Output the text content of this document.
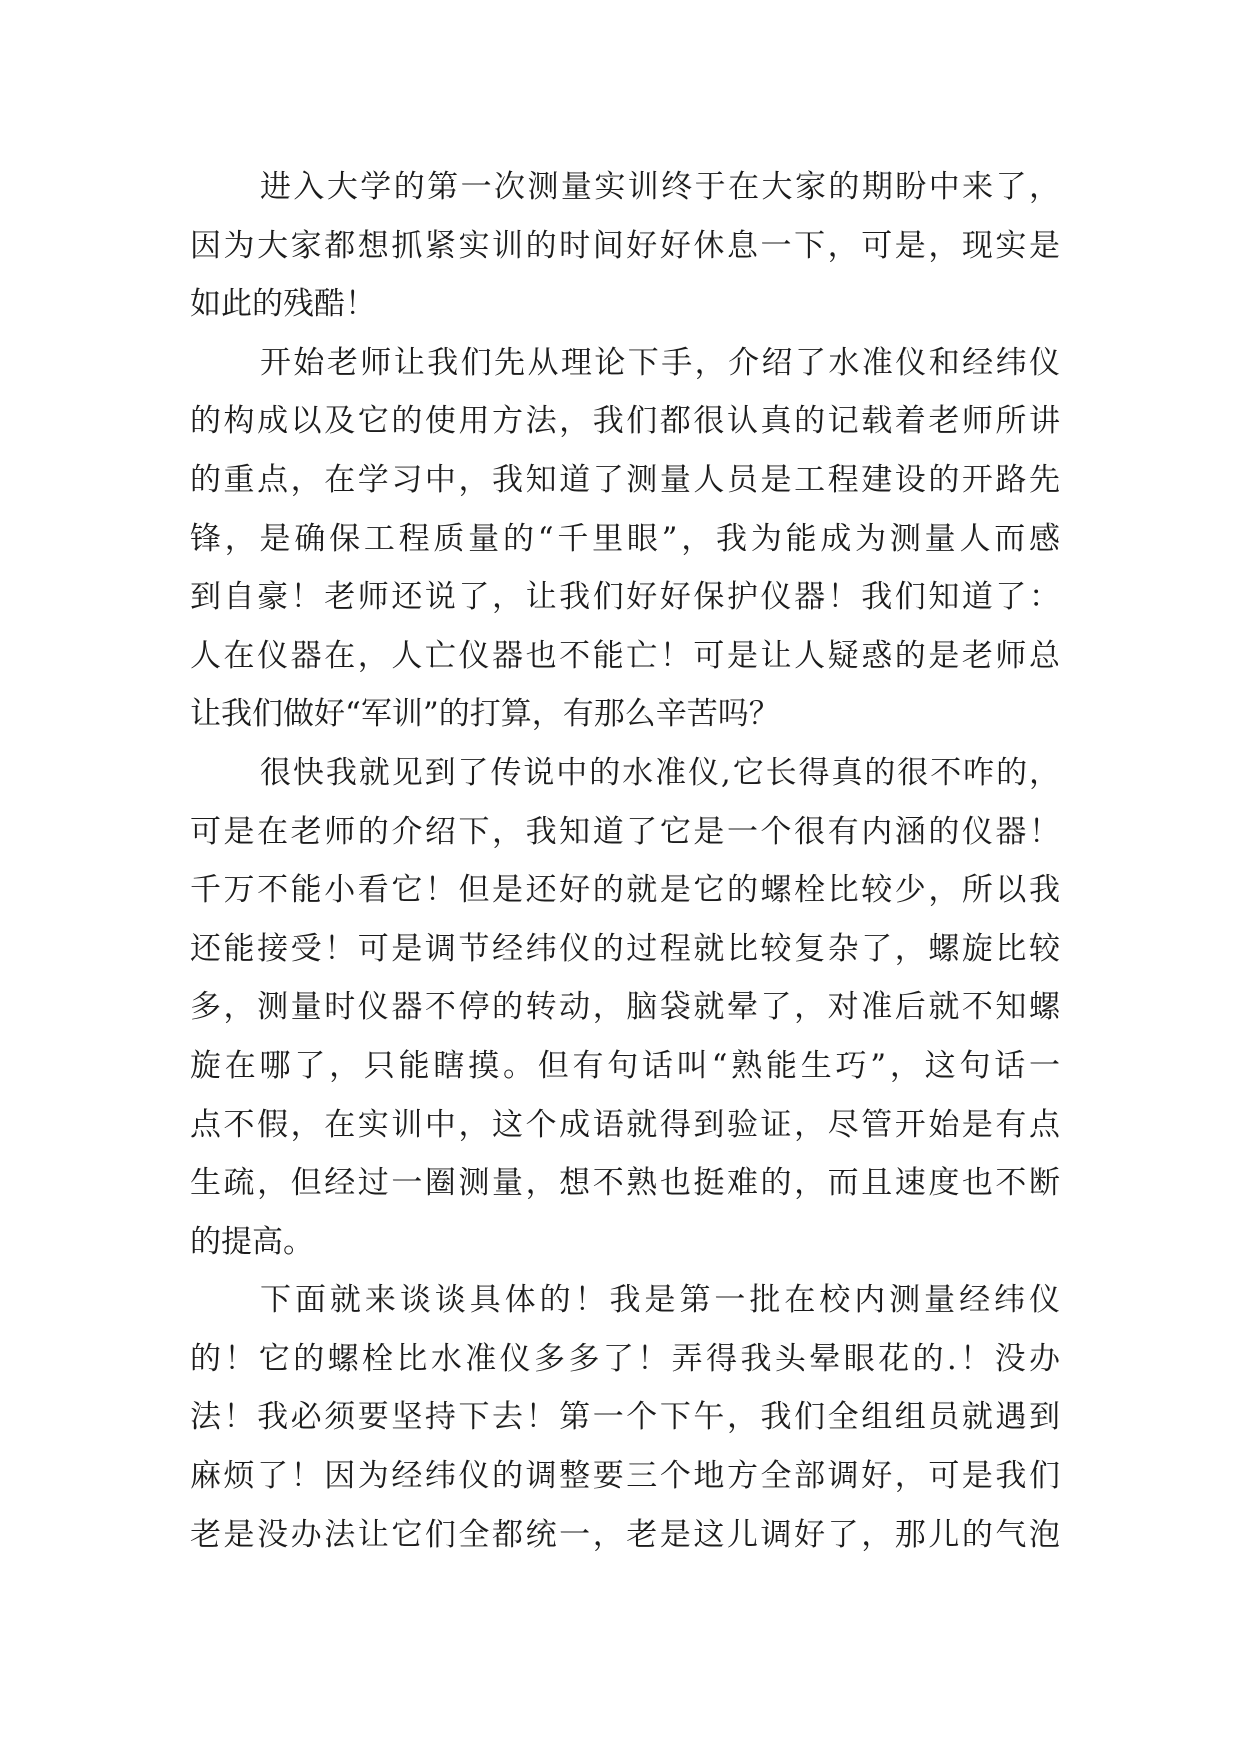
进入大学的第一次测量实训终于在大家的期盼中来了，
因为大家都想抓紧实训的时间好好休息一下，可是，现实是
如此的残酷！
开始老师让我们先从理论下手，介绍了水准仪和经纬仪
的构成以及它的使用方法，我们都很认真的记载着老师所讲
的重点，在学习中，我知道了测量人员是工程建设的开路先
锋，是确保工程质量的“千里眼”，我为能成为测量人而感
到自豪！老师还说了，让我们好好保护仪器！我们知道了：
人在仪器在，人亡仪器也不能亡！可是让人疑惑的是老师总
让我们做好“军训”的打算，有那么辛苦吗？
很快我就见到了传说中的水准仪,它长得真的很不咋的，
可是在老师的介绍下，我知道了它是一个很有内涵的仪器！
千万不能小看它！但是还好的就是它的螺栓比较少，所以我
还能接受！可是调节经纬仪的过程就比较复杂了，螺旋比较
多，测量时仪器不停的转动，脑袋就晕了，对准后就不知螺
旋在哪了，只能瞎摸。但有句话叫“熟能生巧”，这句话一
点不假，在实训中，这个成语就得到验证，尽管开始是有点
生疏，但经过一圈测量，想不熟也挺难的，而且速度也不断
的提高。
下面就来谈谈具体的！我是第一批在校内测量经纬仪
的！它的螺栓比水准仪多多了！弄得我头晕眼花的.！没办
法！我必须要坚持下去！第一个下午，我们全组组员就遇到
麻烦了！因为经纬仪的调整要三个地方全部调好，可是我们
老是没办法让它们全都统一，老是这儿调好了，那儿的气泡
